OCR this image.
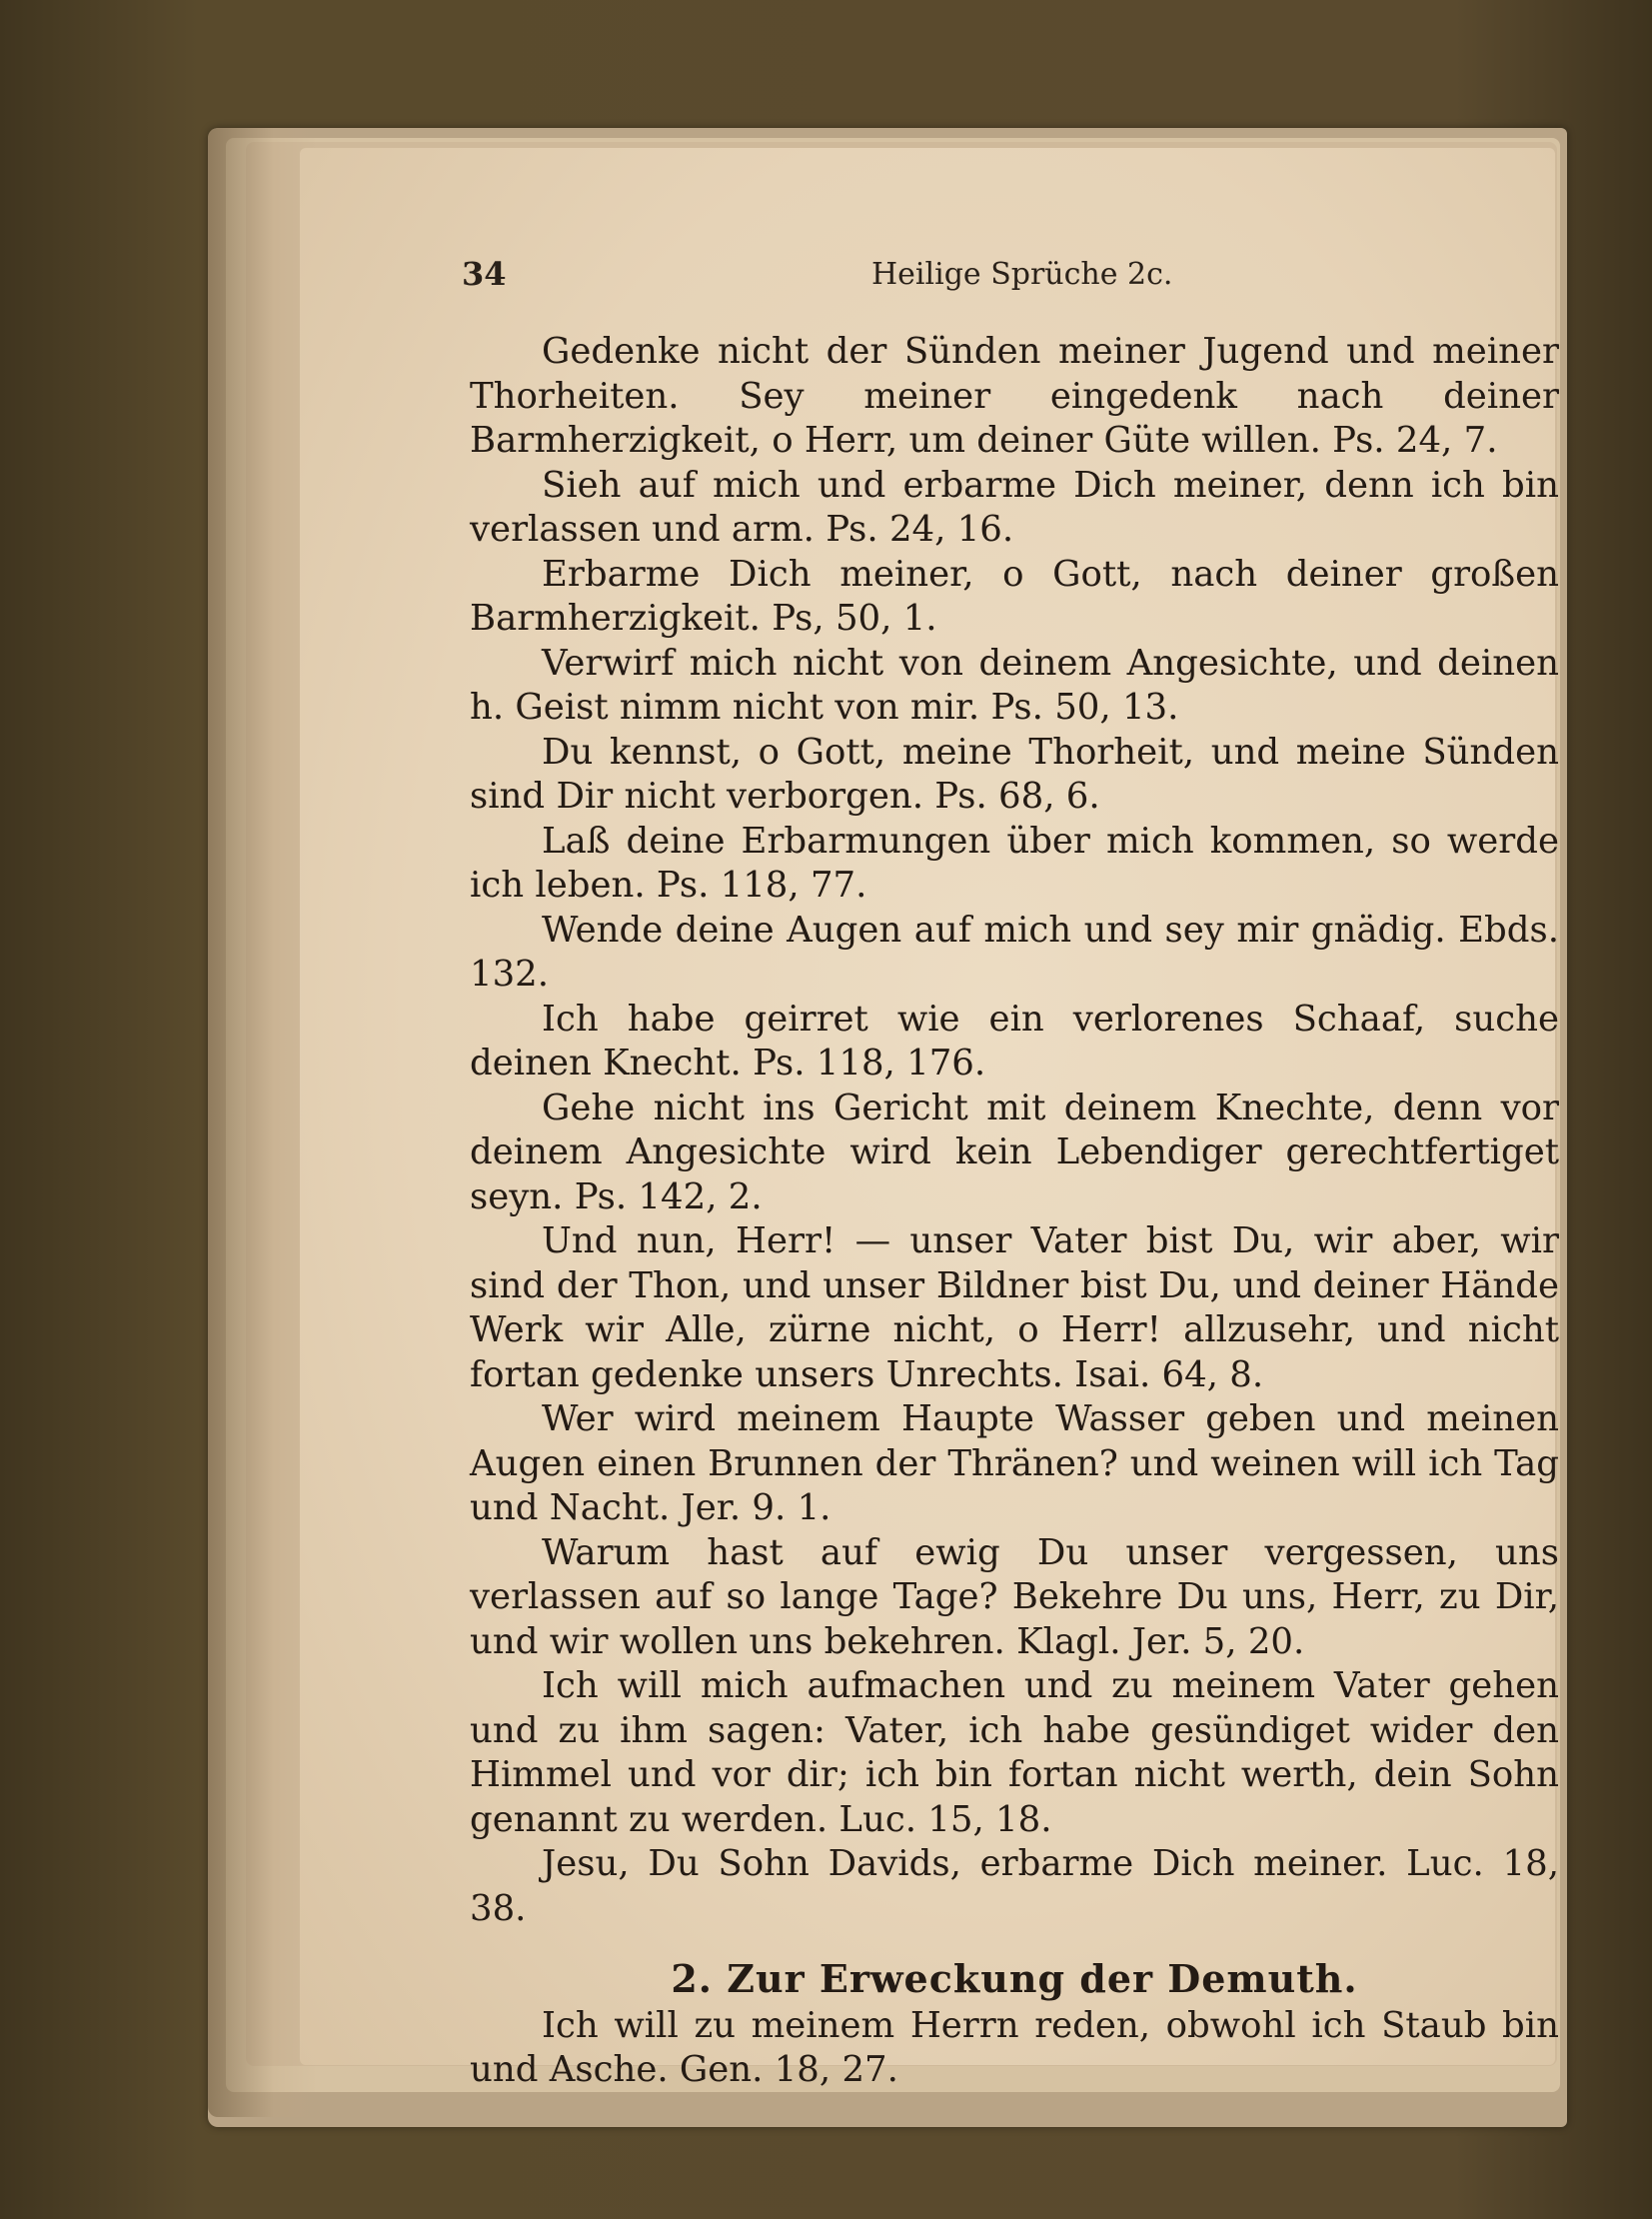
34	Heilige Sprüche 2c.

Gedenke nicht der Sünden meiner Jugend und meiner Thorheiten. Sey meiner eingedenk nach deiner Barmherzigkeit, o Herr, um deiner Güte willen. Ps. 24, 7.

Sieh auf mich und erbarme Dich meiner, denn ich bin verlassen und arm. Ps. 24, 16.

Erbarme Dich meiner, o Gott, nach deiner großen Barmherzigkeit. Ps, 50, 1.

Verwirf mich nicht von deinem Angesichte, und deinen h. Geist nimm nicht von mir. Ps. 50, 13.

Du kennst, o Gott, meine Thorheit, und meine Sünden sind Dir nicht verborgen. Ps. 68, 6.

Laß deine Erbarmungen über mich kommen, so werde ich leben. Ps. 118, 77.

Wende deine Augen auf mich und sey mir gnädig. Ebds. 132.

Ich habe geirret wie ein verlorenes Schaaf, suche deinen Knecht. Ps. 118, 176.

Gehe nicht ins Gericht mit deinem Knechte, denn vor deinem Angesichte wird kein Lebendiger gerechtfertiget seyn. Ps. 142, 2.

Und nun, Herr! — unser Vater bist Du, wir aber, wir sind der Thon, und unser Bildner bist Du, und deiner Hände Werk wir Alle, zürne nicht, o Herr! allzusehr, und nicht fortan gedenke unsers Unrechts. Isai. 64, 8.

Wer wird meinem Haupte Wasser geben und meinen Augen einen Brunnen der Thränen? und weinen will ich Tag und Nacht. Jer. 9. 1.

Warum hast auf ewig Du unser vergessen, uns verlassen auf so lange Tage? Bekehre Du uns, Herr, zu Dir, und wir wollen uns bekehren. Klagl. Jer. 5, 20.

Ich will mich aufmachen und zu meinem Vater gehen und zu ihm sagen: Vater, ich habe gesündiget wider den Himmel und vor dir; ich bin fortan nicht werth, dein Sohn genannt zu werden. Luc. 15, 18.

Jesu, Du Sohn Davids, erbarme Dich meiner. Luc. 18, 38.

2. Zur Erweckung der Demuth.

Ich will zu meinem Herrn reden, obwohl ich Staub bin und Asche. Gen. 18, 27.
